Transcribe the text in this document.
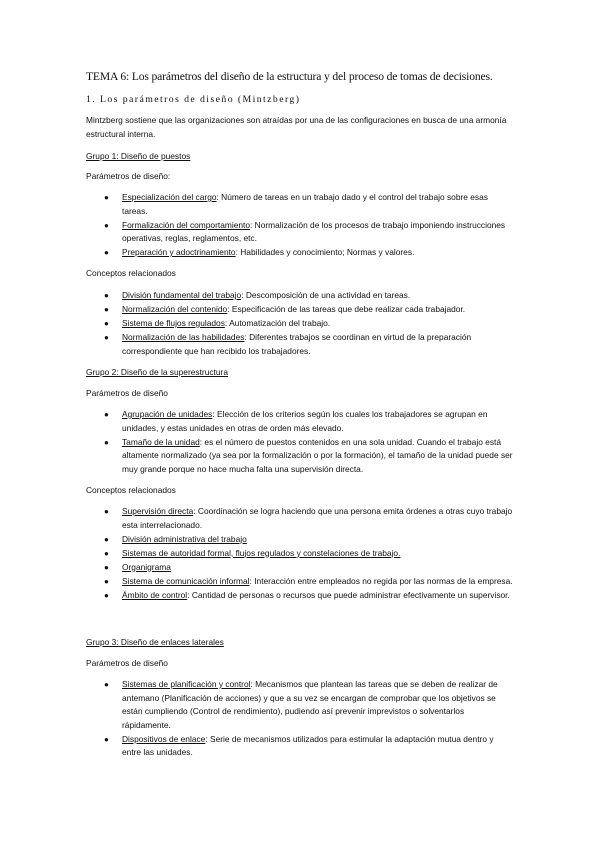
TEMA 6: Los parámetros del diseño de la estructura y del proceso de tomas de decisiones.
1. Los parámetros de diseño (Mintzberg)
Mintzberg sostiene que las organizaciones son atraídas por una de las configuraciones en busca de una armonía estructural interna.
Grupo 1: Diseño de puestos
Parámetros de diseño:
● Especialización del cargo: Número de tareas en un trabajo dado y el control del trabajo sobre esas tareas.
● Formalización del comportamiento: Normalización de los procesos de trabajo imponiendo instrucciones operativas, reglas, reglamentos, etc.
● Preparación y adoctrinamiento: Habilidades y conocimiento; Normas y valores.
Conceptos relacionados
● División fundamental del trabajo: Descomposición de una actividad en tareas.
● Normalización del contenido: Especificación de las tareas que debe realizar cada trabajador.
● Sistema de flujos regulados: Automatización del trabajo.
● Normalización de las habilidades: Diferentes trabajos se coordinan en virtud de la preparación correspondiente que han recibido los trabajadores.
Grupo 2: Diseño de la superestructura
Parámetros de diseño
● Agrupación de unidades: Elección de los criterios según los cuales los trabajadores se agrupan en unidades, y estas unidades en otras de orden más elevado.
● Tamaño de la unidad: es el número de puestos contenidos en una sola unidad. Cuando el trabajo está altamente normalizado (ya sea por la formalización o por la formación), el tamaño de la unidad puede ser muy grande porque no hace mucha falta una supervisión directa.
Conceptos relacionados
● Supervisión directa: Coordinación se logra haciendo que una persona emita órdenes a otras cuyo trabajo esta interrelacionado.
● División administrativa del trabajo
● Sistemas de autoridad formal, flujos regulados y constelaciones de trabajo.
● Organigrama
● Sistema de comunicación informal: Interacción entre empleados no regida por las normas de la empresa.
● Ámbito de control: Cantidad de personas o recursos que puede administrar efectivamente un supervisor.
Grupo 3: Diseño de enlaces laterales
Parámetros de diseño
● Sistemas de planificación y control: Mecanismos que plantean las tareas que se deben de realizar de antemano (Planificación de acciones) y que a su vez se encargan de comprobar que los objetivos se están cumpliendo (Control de rendimiento), pudiendo así prevenir imprevistos o solventarlos rápidamente.
● Dispositivos de enlace: Serie de mecanismos utilizados para estimular la adaptación mutua dentro y entre las unidades.
